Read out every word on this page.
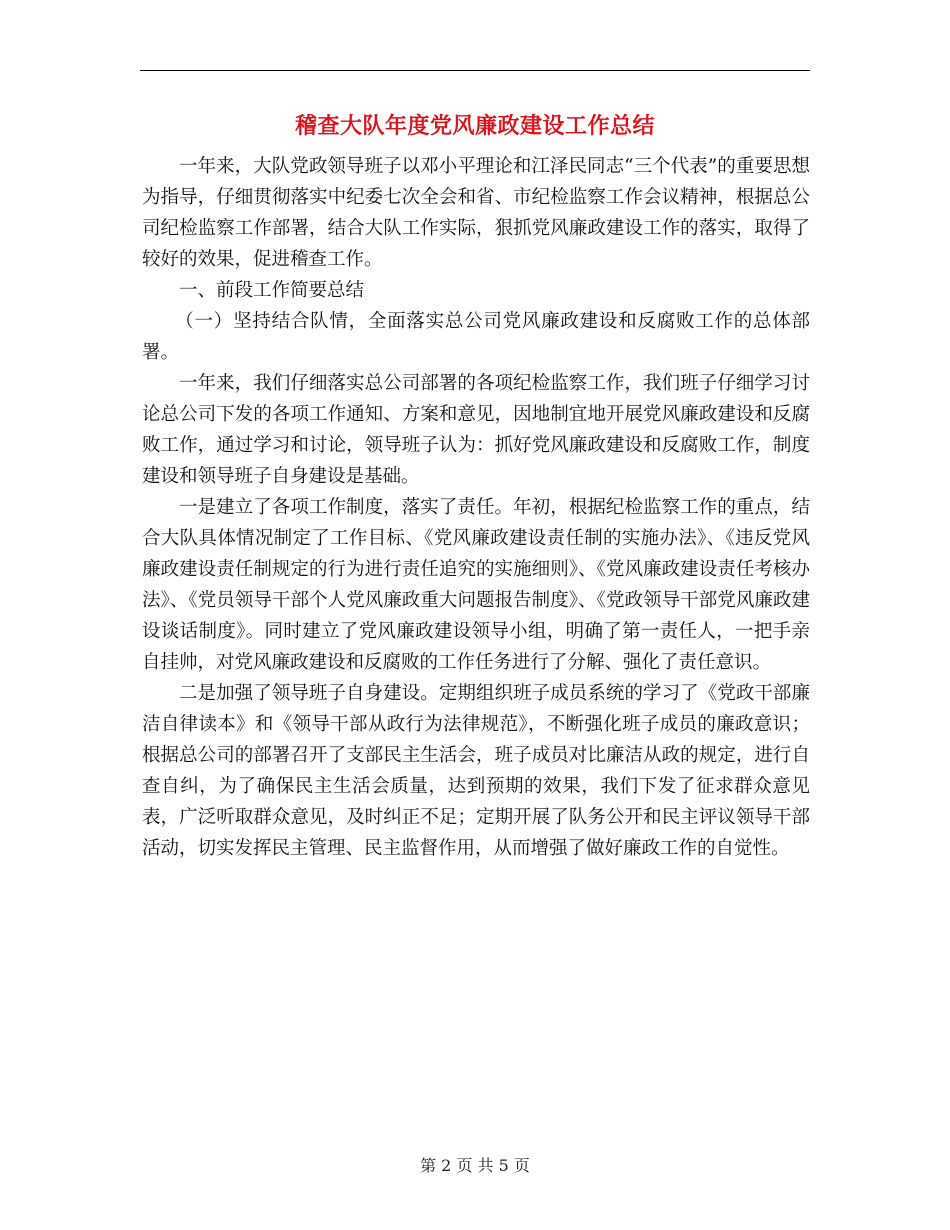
稽查大队年度党风廉政建设工作总结

一年来，大队党政领导班子以邓小平理论和江泽民同志“三个代表”的重要思想为指导，仔细贯彻落实中纪委七次全会和省、市纪检监察工作会议精神，根据总公司纪检监察工作部署，结合大队工作实际，狠抓党风廉政建设工作的落实，取得了较好的效果，促进稽查工作。

一、前段工作简要总结

（一）坚持结合队情，全面落实总公司党风廉政建设和反腐败工作的总体部署。

一年来，我们仔细落实总公司部署的各项纪检监察工作，我们班子仔细学习讨论总公司下发的各项工作通知、方案和意见，因地制宜地开展党风廉政建设和反腐败工作，通过学习和讨论，领导班子认为：抓好党风廉政建设和反腐败工作，制度建设和领导班子自身建设是基础。

一是建立了各项工作制度，落实了责任。年初，根据纪检监察工作的重点，结合大队具体情况制定了工作目标、《党风廉政建设责任制的实施办法》、《违反党风廉政建设责任制规定的行为进行责任追究的实施细则》、《党风廉政建设责任考核办法》、《党员领导干部个人党风廉政重大问题报告制度》、《党政领导干部党风廉政建设谈话制度》。同时建立了党风廉政建设领导小组，明确了第一责任人，一把手亲自挂帅，对党风廉政建设和反腐败的工作任务进行了分解、强化了责任意识。

二是加强了领导班子自身建设。定期组织班子成员系统的学习了《党政干部廉洁自律读本》和《领导干部从政行为法律规范》，不断强化班子成员的廉政意识；根据总公司的部署召开了支部民主生活会，班子成员对比廉洁从政的规定，进行自查自纠，为了确保民主生活会质量，达到预期的效果，我们下发了征求群众意见表，广泛听取群众意见，及时纠正不足；定期开展了队务公开和民主评议领导干部活动，切实发挥民主管理、民主监督作用，从而增强了做好廉政工作的自觉性。

第 2 页 共 5 页
